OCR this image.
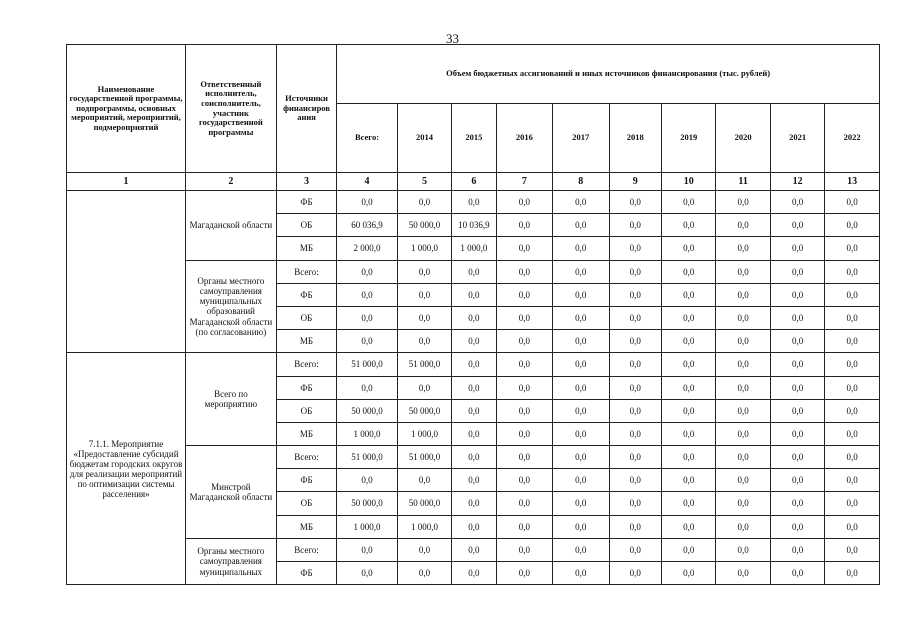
33
Наименование государственной программы, подпрограммы, основных мероприятий, мероприятий, подмероприятий	Ответственный исполнитель, соисполнитель, участник государственной программы	Источники финансиров ания	Объем бюджетных ассигнований и иных источников финансирования (тыс. рублей)									
			Всего:	2014	2015	2016	2017	2018	2019	2020	2021	2022
1	2	3	4	5	6	7	8	9	10	11	12	13
	Магаданской области	ФБ	0,0	0,0	0,0	0,0	0,0	0,0	0,0	0,0	0,0	0,0
		ОБ	60 036,9	50 000,0	10 036,9	0,0	0,0	0,0	0,0	0,0	0,0	0,0
		МБ	2 000,0	1 000,0	1 000,0	0,0	0,0	0,0	0,0	0,0	0,0	0,0
	Органы местного самоуправления муниципальных образований Магаданской области (по согласованию)	Всего:	0,0	0,0	0,0	0,0	0,0	0,0	0,0	0,0	0,0	0,0
		ФБ	0,0	0,0	0,0	0,0	0,0	0,0	0,0	0,0	0,0	0,0
		ОБ	0,0	0,0	0,0	0,0	0,0	0,0	0,0	0,0	0,0	0,0
		МБ	0,0	0,0	0,0	0,0	0,0	0,0	0,0	0,0	0,0	0,0
7.1.1. Мероприятие «Предоставление субсидий бюджетам городских округов для реализации мероприятий по оптимизации системы расселения»	Всего по мероприятию	Всего:	51 000,0	51 000,0	0,0	0,0	0,0	0,0	0,0	0,0	0,0	0,0
		ФБ	0,0	0,0	0,0	0,0	0,0	0,0	0,0	0,0	0,0	0,0
		ОБ	50 000,0	50 000,0	0,0	0,0	0,0	0,0	0,0	0,0	0,0	0,0
		МБ	1 000,0	1 000,0	0,0	0,0	0,0	0,0	0,0	0,0	0,0	0,0
	Минстрой Магаданской области	Всего:	51 000,0	51 000,0	0,0	0,0	0,0	0,0	0,0	0,0	0,0	0,0
		ФБ	0,0	0,0	0,0	0,0	0,0	0,0	0,0	0,0	0,0	0,0
		ОБ	50 000,0	50 000,0	0,0	0,0	0,0	0,0	0,0	0,0	0,0	0,0
		МБ	1 000,0	1 000,0	0,0	0,0	0,0	0,0	0,0	0,0	0,0	0,0
	Органы местного самоуправления муниципальных	Всего:	0,0	0,0	0,0	0,0	0,0	0,0	0,0	0,0	0,0	0,0
		ФБ	0,0	0,0	0,0	0,0	0,0	0,0	0,0	0,0	0,0	0,0
